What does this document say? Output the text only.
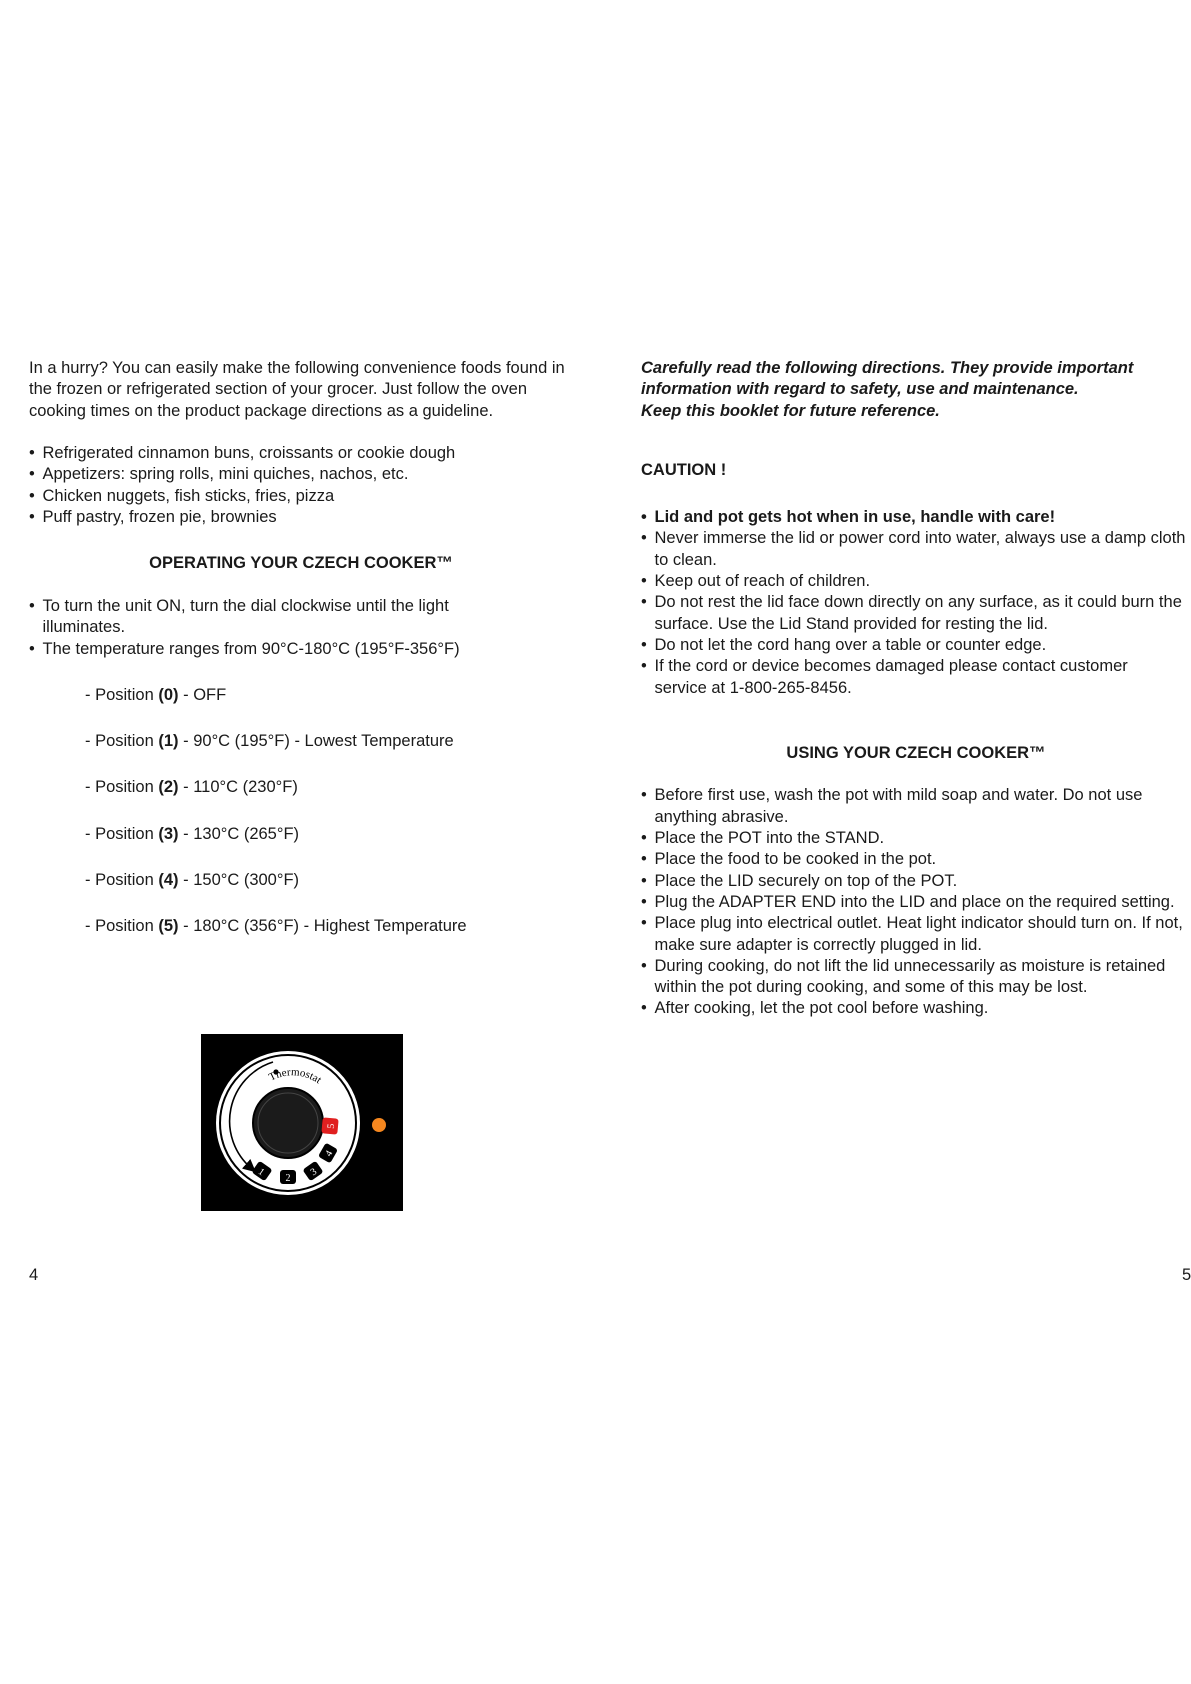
In a hurry? You can easily make the following convenience foods found in the frozen or refrigerated section of your grocer. Just follow the oven cooking times on the product package directions as a guideline.

• Refrigerated cinnamon buns, croissants or cookie dough
• Appetizers: spring rolls, mini quiches, nachos, etc.
• Chicken nuggets, fish sticks, fries, pizza
• Puff pastry, frozen pie, brownies
OPERATING YOUR CZECH COOKER™
• To turn the unit ON, turn the dial clockwise until the light illuminates.
• The temperature ranges from 90°C-180°C (195°F-356°F)
- Position (0) - OFF
- Position (1) - 90°C (195°F) - Lowest Temperature
- Position (2) - 110°C (230°F)
- Position (3) - 130°C (265°F)
- Position (4) - 150°C (300°F)
- Position (5) - 180°C (356°F) - Highest Temperature
Thermostat
1
2
3
4
5
4
Carefully read the following directions. They provide important
information with regard to safety, use and maintenance.
Keep this booklet for future reference.
CAUTION !
• Lid and pot gets hot when in use, handle with care!
• Never immerse the lid or power cord into water, always use a damp cloth to clean.
• Keep out of reach of children.
• Do not rest the lid face down directly on any surface, as it could burn the surface. Use the Lid Stand provided for resting the lid.
• Do not let the cord hang over a table or counter edge.
• If the cord or device becomes damaged please contact customer service at 1-800-265-8456.
USING YOUR CZECH COOKER™
• Before first use, wash the pot with mild soap and water. Do not use anything abrasive.
• Place the POT into the STAND.
• Place the food to be cooked in the pot.
• Place the LID securely on top of the POT.
• Plug the ADAPTER END into the LID and place on the required setting.
• Place plug into electrical outlet. Heat light indicator should turn on. If not, make sure adapter is correctly plugged in lid.
• During cooking, do not lift the lid unnecessarily as moisture is retained within the pot during cooking, and some of this may be lost.
• After cooking, let the pot cool before washing.
5
